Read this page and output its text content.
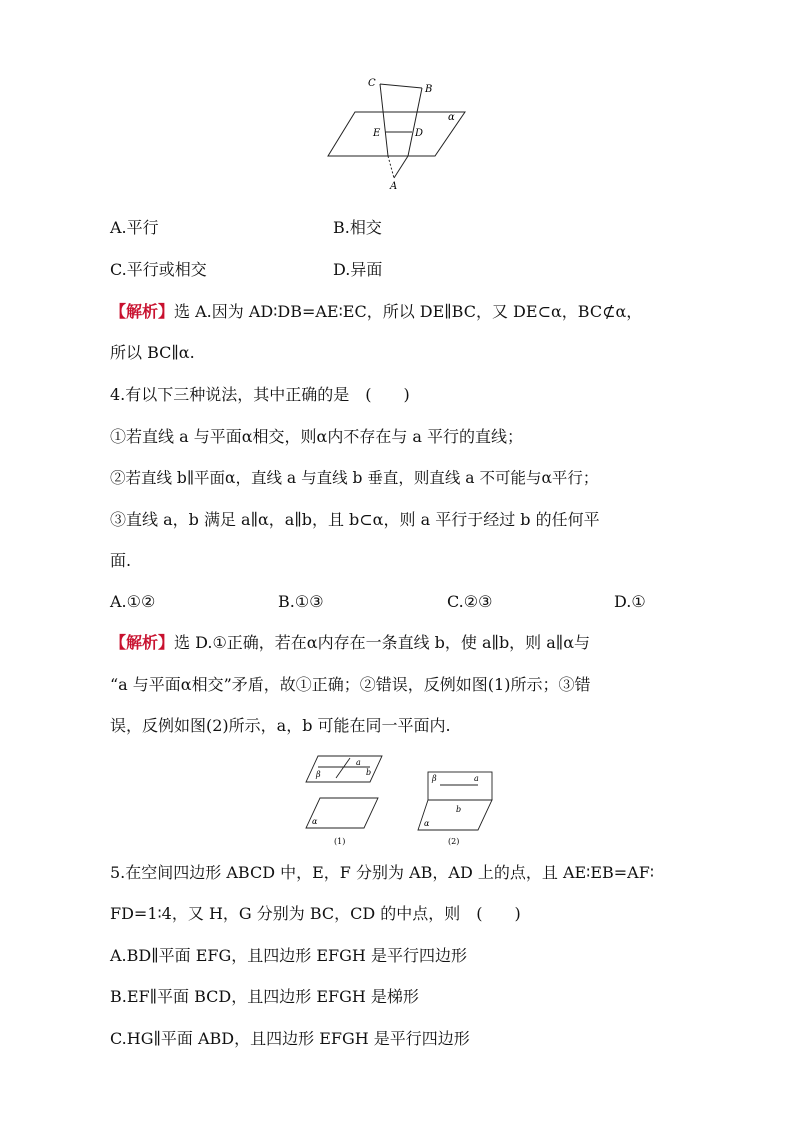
C
B
α
E	D
A
A.平行	B.相交
C.平行或相交	D.异面
【解析】选 A.因为 AD∶DB=AE∶EC，所以 DE∥BC，又 DE⊂α，BC⊄α，
所以 BC∥α.
4.有以下三种说法，其中正确的是　(　　)
①若直线 a 与平面α相交，则α内不存在与 a 平行的直线；
②若直线 b∥平面α，直线 a 与直线 b 垂直，则直线 a 不可能与α平行；
③直线 a，b 满足 a∥α，a∥b，且 b⊂α，则 a 平行于经过 b 的任何平
面.
A.①②	B.①③	C.②③	D.①
【解析】选 D.①正确，若在α内存在一条直线 b，使 a∥b，则 a∥α与
“a 与平面α相交”矛盾，故①正确；②错误，反例如图(1)所示；③错
误，反例如图(2)所示，a，b 可能在同一平面内.
β
a
b
α
(1)
β	a
b
α
(2)
5.在空间四边形 ABCD 中，E，F 分别为 AB，AD 上的点，且 AE∶EB=AF∶
FD=1∶4，又 H，G 分别为 BC，CD 的中点，则　(　　)
A.BD∥平面 EFG，且四边形 EFGH 是平行四边形
B.EF∥平面 BCD，且四边形 EFGH 是梯形
C.HG∥平面 ABD，且四边形 EFGH 是平行四边形
